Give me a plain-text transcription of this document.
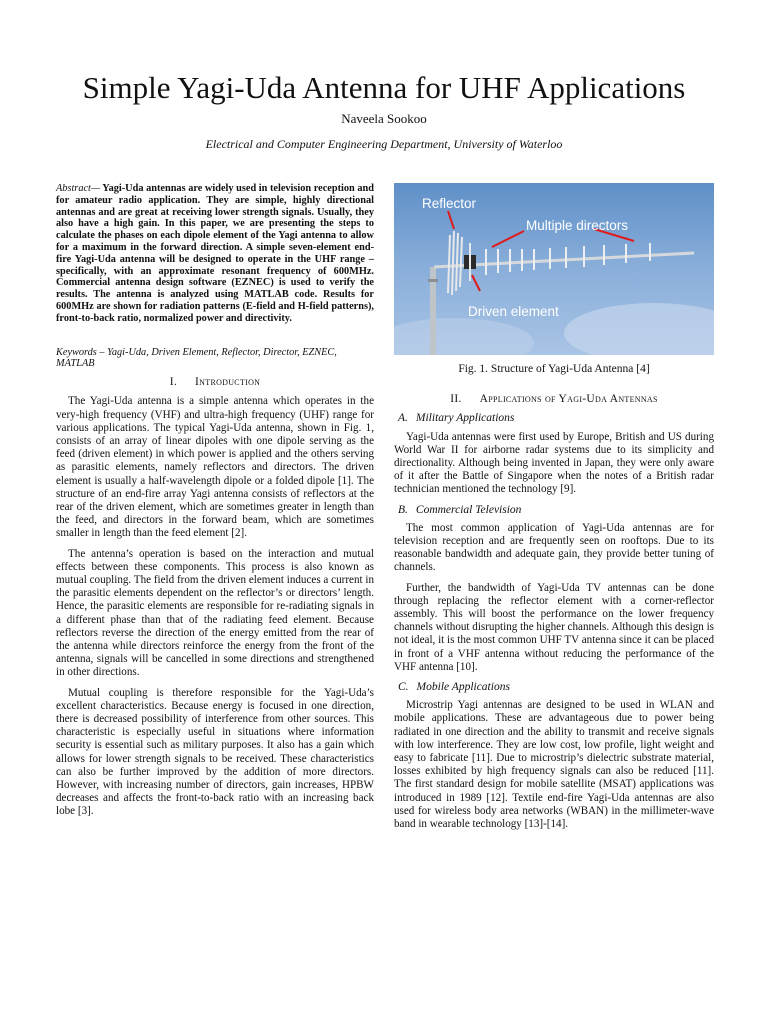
Simple Yagi-Uda Antenna for UHF Applications
Naveela Sookoo
Electrical and Computer Engineering Department, University of Waterloo

Abstract— Yagi-Uda antennas are widely used in television reception and for amateur radio application. They are simple, highly directional antennas and are great at receiving lower strength signals. Usually, they also have a high gain. In this paper, we are presenting the steps to calculate the phases on each dipole element of the Yagi antenna to allow for a maximum in the forward direction. A simple seven-element end-fire Yagi-Uda antenna will be designed to operate in the UHF range – specifically, with an approximate resonant frequency of 600MHz. Commercial antenna design software (EZNEC) is used to verify the results. The antenna is analyzed using MATLAB code. Results for 600MHz are shown for radiation patterns (E-field and H-field patterns), front-to-back ratio, normalized power and directivity.

Keywords – Yagi-Uda, Driven Element, Reflector, Director, EZNEC, MATLAB

I. Introduction

The Yagi-Uda antenna is a simple antenna which operates in the very-high frequency (VHF) and ultra-high frequency (UHF) range for various applications. The typical Yagi-Uda antenna, shown in Fig. 1, consists of an array of linear dipoles with one dipole serving as the feed (driven element) in which power is applied and the others serving as parasitic elements, namely reflectors and directors. The driven element is usually a half-wavelength dipole or a folded dipole [1]. The structure of an end-fire array Yagi antenna consists of reflectors at the rear of the driven element, which are sometimes greater in length than the feed, and directors in the forward beam, which are sometimes smaller in length than the feed element [2].

The antenna’s operation is based on the interaction and mutual effects between these components. This process is also known as mutual coupling. The field from the driven element induces a current in the parasitic elements dependent on the reflector’s or directors’ length. Hence, the parasitic elements are responsible for re-radiating signals in a different phase than that of the radiating feed element. Because reflectors reverse the direction of the energy emitted from the rear of the antenna while directors reinforce the energy from the front of the antenna, signals will be cancelled in some directions and strengthened in other directions.

Mutual coupling is therefore responsible for the Yagi-Uda’s excellent characteristics. Because energy is focused in one direction, there is decreased possibility of interference from other sources. This characteristic is especially useful in situations where information security is essential such as military purposes. It also has a gain which allows for lower strength signals to be received. These characteristics can also be further improved by the addition of more directors. However, with increasing number of directors, gain increases, HPBW decreases and affects the front-to-back ratio with an increasing back lobe [3].

Reflector
Multiple directors
Driven element
Fig. 1. Structure of Yagi-Uda Antenna [4]
II. Applications of Yagi-Uda Antennas
A. Military Applications

Yagi-Uda antennas were first used by Europe, British and US during World War II for airborne radar systems due to its simplicity and directionality. Although being invented in Japan, they were only aware of it after the Battle of Singapore when the notes of a British radar technician mentioned the technology [9].

B. Commercial Television

The most common application of Yagi-Uda antennas are for television reception and are frequently seen on rooftops. Due to its reasonable bandwidth and adequate gain, they provide better tuning of channels.

Further, the bandwidth of Yagi-Uda TV antennas can be done through replacing the reflector element with a corner-reflector assembly. This will boost the performance on the lower frequency channels without disrupting the higher channels. Although this design is not ideal, it is the most common UHF TV antenna since it can be placed in front of a VHF antenna without reducing the performance of the VHF antenna [10].

C. Mobile Applications

Microstrip Yagi antennas are designed to be used in WLAN and mobile applications. These are advantageous due to power being radiated in one direction and the ability to transmit and receive signals with low interference. They are low cost, low profile, light weight and easy to fabricate [11]. Due to microstrip’s dielectric substrate material, losses exhibited by high frequency signals can also be reduced [11]. The first standard design for mobile satellite (MSAT) applications was introduced in 1989 [12]. Textile end-fire Yagi-Uda antennas are also used for wireless body area networks (WBAN) in the millimeter-wave band in wearable technology [13]-[14].
